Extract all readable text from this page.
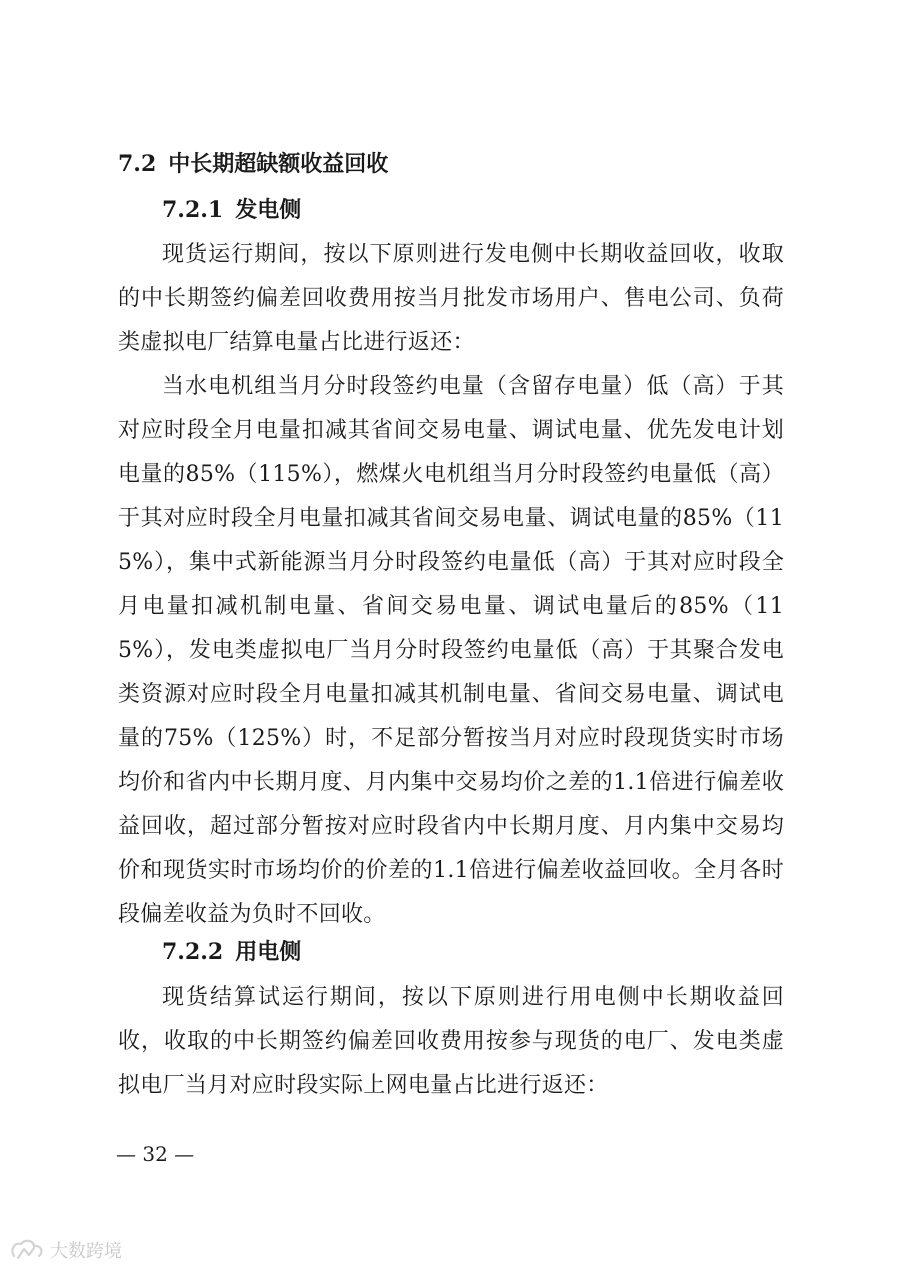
7.2 中长期超缺额收益回收
7.2.1 发电侧

现货运行期间，按以下原则进行发电侧中长期收益回收，收取的中长期签约偏差回收费用按当月批发市场用户、售电公司、负荷类虚拟电厂结算电量占比进行返还：

当水电机组当月分时段签约电量（含留存电量）低（高）于其对应时段全月电量扣减其省间交易电量、调试电量、优先发电计划电量的85%（115%），燃煤火电机组当月分时段签约电量低（高）于其对应时段全月电量扣减其省间交易电量、调试电量的85%（115%），集中式新能源当月分时段签约电量低（高）于其对应时段全月电量扣减机制电量、省间交易电量、调试电量后的85%（115%），发电类虚拟电厂当月分时段签约电量低（高）于其聚合发电类资源对应时段全月电量扣减其机制电量、省间交易电量、调试电量的75%（125%）时，不足部分暂按当月对应时段现货实时市场均价和省内中长期月度、月内集中交易均价之差的1.1倍进行偏差收益回收，超过部分暂按对应时段省内中长期月度、月内集中交易均价和现货实时市场均价的价差的1.1倍进行偏差收益回收。全月各时段偏差收益为负时不回收。

7.2.2 用电侧

现货结算试运行期间，按以下原则进行用电侧中长期收益回收，收取的中长期签约偏差回收费用按参与现货的电厂、发电类虚拟电厂当月对应时段实际上网电量占比进行返还：

— 32 —
大数跨境
